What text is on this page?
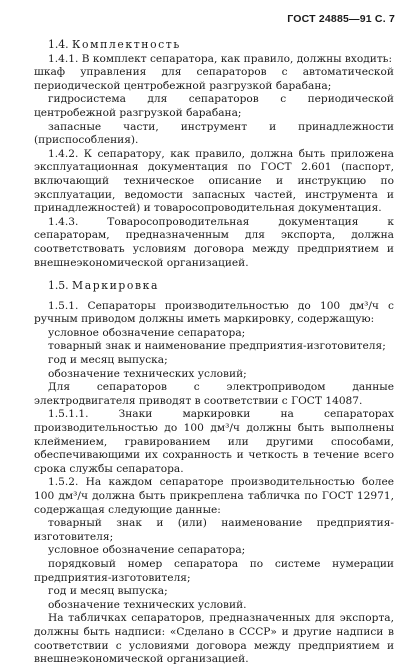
ГОСТ 24885—91 С. 7
1.4. Комплектность

1.4.1. В комплект сепаратора, как правило, должны входить:

шкаф управления для сепараторов с автоматической периодической центробежной разгрузкой барабана;

гидросистема для сепараторов с периодической центробежной разгрузкой барабана;

запасные части, инструмент и принадлежности (приспособления).

1.4.2. К сепаратору, как правило, должна быть приложена эксплуатационная документация по ГОСТ 2.601 (паспорт, включающий техническое описание и инструкцию по эксплуатации, ведомости запасных частей, инструмента и принадлежностей) и товаросопроводительная документация.

1.4.3. Товаросопроводительная документация к сепараторам, предназначенным для экспорта, должна соответствовать условиям договора между предприятием и внешнеэкономической организацией.

1.5. Маркировка

1.5.1. Сепараторы производительностью до 100 дм³/ч с ручным приводом должны иметь маркировку, содержащую:

условное обозначение сепаратора;

товарный знак и наименование предприятия-изготовителя;

год и месяц выпуска;

обозначение технических условий;

Для сепараторов с электроприводом данные электродвигателя приводят в соответствии с ГОСТ 14087.

1.5.1.1. Знаки маркировки на сепараторах производительностью до 100 дм³/ч должны быть выполнены клеймением, гравированием или другими способами, обеспечивающими их сохранность и четкость в течение всего срока службы сепаратора.

1.5.2. На каждом сепараторе производительностью более 100 дм³/ч должна быть прикреплена табличка по ГОСТ 12971, содержащая следующие данные:

товарный знак и (или) наименование предприятия-изготовителя;

условное обозначение сепаратора;

порядковый номер сепаратора по системе нумерации предприятия-изготовителя;

год и месяц выпуска;

обозначение технических условий.

На табличках сепараторов, предназначенных для экспорта, должны быть надписи: «Сделано в СССР» и другие надписи в соответствии с условиями договора между предприятием и внешнеэкономической организацией.
